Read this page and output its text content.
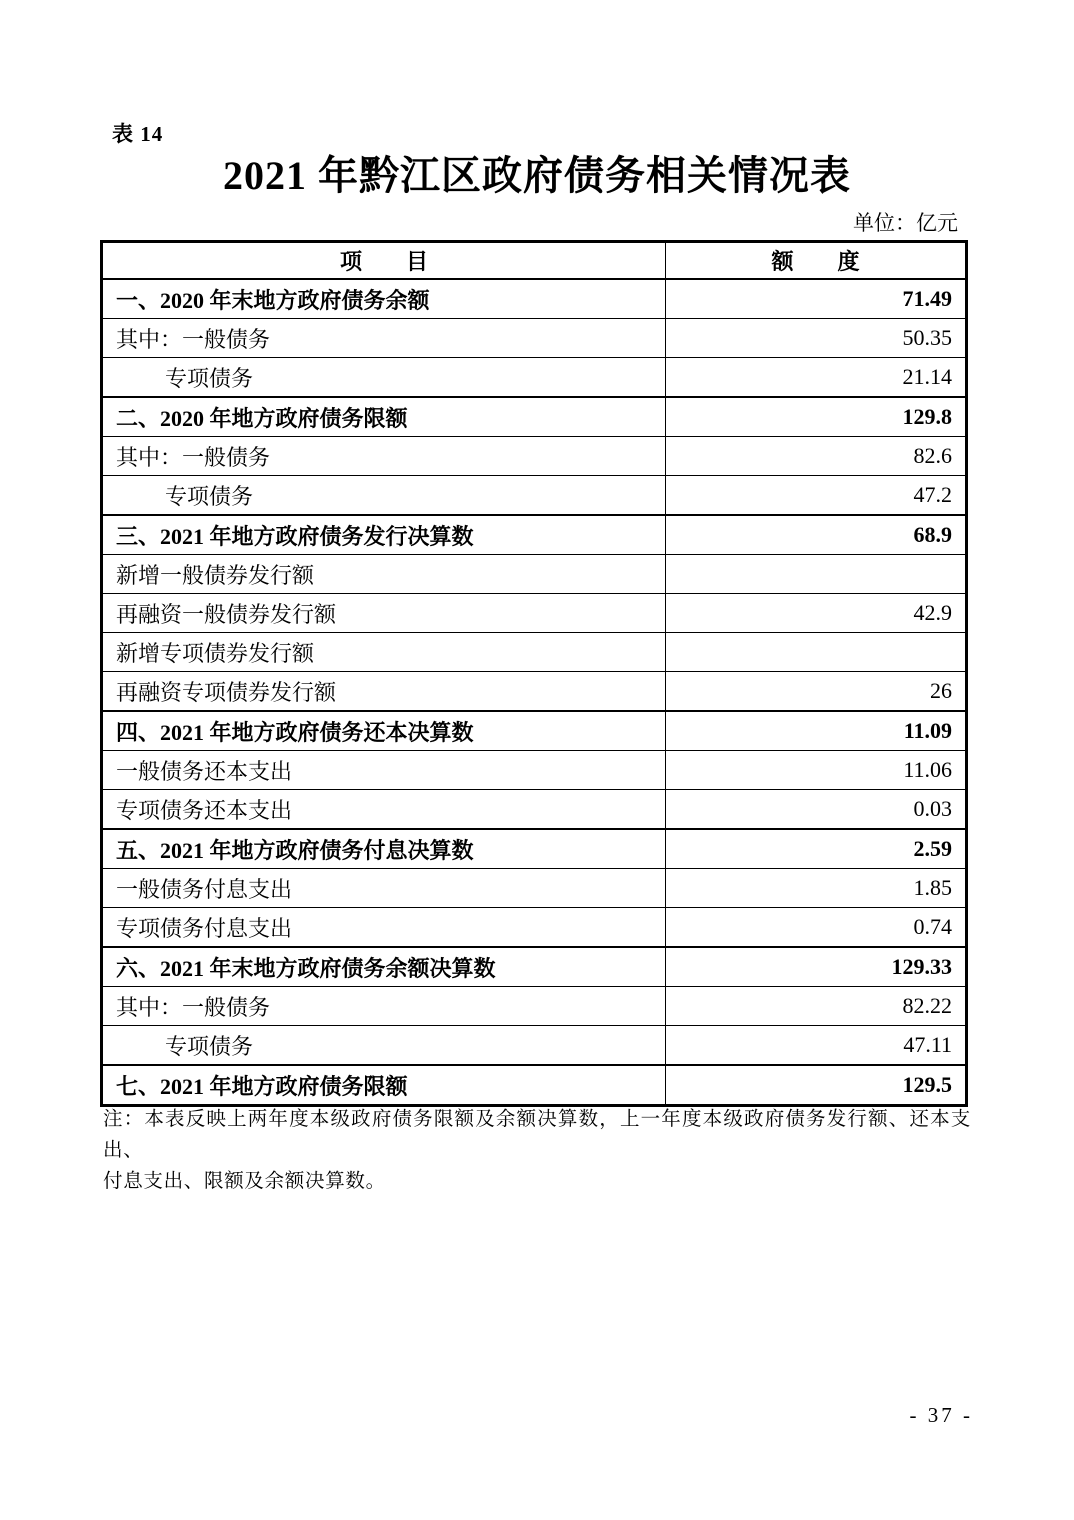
表 14
2021 年黔江区政府债务相关情况表
单位：亿元
项　　目	额　　度
一、2020 年末地方政府债务余额	71.49
其中：一般债务	50.35
专项债务	21.14
二、2020 年地方政府债务限额	129.8
其中：一般债务	82.6
专项债务	47.2
三、2021 年地方政府债务发行决算数	68.9
新增一般债券发行额	
再融资一般债券发行额	42.9
新增专项债券发行额	
再融资专项债券发行额	26
四、2021 年地方政府债务还本决算数	11.09
一般债务还本支出	11.06
专项债务还本支出	0.03
五、2021 年地方政府债务付息决算数	2.59
一般债务付息支出	1.85
专项债务付息支出	0.74
六、2021 年末地方政府债务余额决算数	129.33
其中：一般债务	82.22
专项债务	47.11
七、2021 年地方政府债务限额	129.5

注：本表反映上两年度本级政府债务限额及余额决算数，上一年度本级政府债务发行额、还本支出、
付息支出、限额及余额决算数。

- 37 -
